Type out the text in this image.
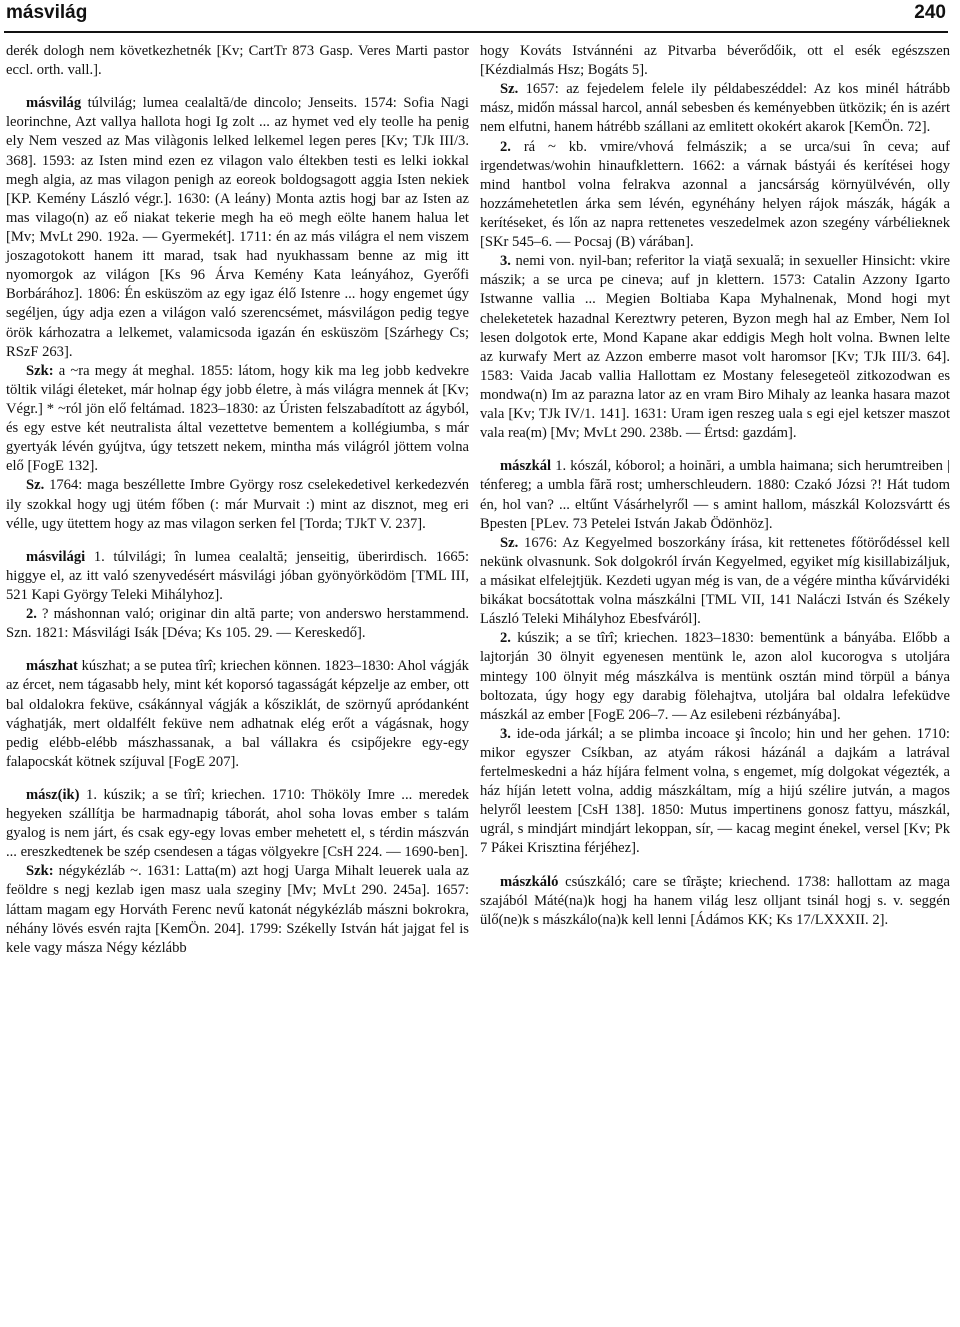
másvilág	240

derék dologh nem következhetnék [Kv; CartTr 873 Gasp. Veres Marti pastor eccl. orth. vall.].

másvilág túlvilág; lumea cealaltă/de dincolo; Jenseits. 1574: Sofia Nagi leorinchne, Azt vallya hallota hogi Ig zolt ... az hymet ved ely teolle ha penig ely Nem veszed az Mas vilàgonis lelked lelkemel legen peres [Kv; TJk III/3. 368]. 1593: az Isten mind ezen ez vilagon valo éltekben testi es lelki iokkal megh algia, az mas vilagon penigh az eoreok boldogsagott aggia Isten nekiek [KP. Kemény László végr.]. 1630: (A leány) Monta aztis hogj bar az Isten az mas vilago(n) az eő niakat tekerie megh ha eö megh eölte hanem halua let [Mv; MvLt 290. 192a. — Gyermekét]. 1711: én az más világra el nem viszem joszagotokott hanem itt marad, tsak had nyukhassam benne az mig itt nyomorgok az világon [Ks 96 Árva Kemény Kata leányához, Gyerőfi Borbárához]. 1806: Én esküszöm az egy igaz élő Istenre ... hogy engemet úgy segéljen, úgy adja ezen a világon való szerencsémet, másvilágon pedig tegye örök kárhozatra a lelkemet, valamicsoda igazán én esküszöm [Szárhegy Cs; RSzF 263].

Szk: a ~ra megy át meghal. 1855: látom, hogy kik ma leg jobb kedvekre töltik világi életeket, már holnap égy jobb életre, à más világra mennek át [Kv; Végr.] * ~ról jön elő feltámad. 1823–1830: az Úristen felszabadított az ágyból, és egy estve két neutralista által vezettetve bementem a kollégiumba, s már gyertyák lévén gyújtva, úgy tetszett nekem, mintha más világról jöttem volna elő [FogE 132].

Sz. 1764: maga beszéllette Imbre György rosz cselekedetivel kerkedezvén ily szokkal hogy ugj ütém főben (: már Murvait :) mint az disznot, meg eri vélle, ugy ütettem hogy az mas vilagon serken fel [Torda; TJkT V. 237].

másvilági 1. túlvilági; în lumea cealaltă; jenseitig, überirdisch. 1665: higgye el, az itt való szenyvedésért másvilági jóban gyönyörködöm [TML III, 521 Kapi György Teleki Mihályhoz].

2. ? máshonnan való; originar din altă parte; von anderswo herstammend. Szn. 1821: Másvilági Isák [Déva; Ks 105. 29. — Kereskedő].

mászhat kúszhat; a se putea tîrî; kriechen können. 1823–1830: Ahol vágják az ércet, nem tágasabb hely, mint két koporsó tagasságát képzelje az ember, ott bal oldalokra feküve, csákánnyal vágják a kősziklát, de szörnyű apródanként vághatják, mert oldalfélt feküve nem adhatnak elég erőt a vágásnak, hogy pedig elébb-elébb mászhassanak, a bal vállakra és csipőjekre egy-egy falapocskát kötnek szíjuval [FogE 207].

mász(ik) 1. kúszik; a se tîrî; kriechen. 1710: Thököly Imre ... meredek hegyeken szállítja be harmadnapig táborát, ahol soha lovas ember s talám gyalog is nem járt, és csak egy-egy lovas ember mehetett el, s térdin mászván ... ereszkedtenek be szép csendesen a tágas völgyekre [CsH 224. — 1690-ben].

Szk: négykézláb ~. 1631: Latta(m) azt hogj Uarga Mihalt leuerek uala az feöldre s negj kezlab igen masz uala szeginy [Mv; MvLt 290. 245a]. 1657: láttam magam egy Horváth Ferenc nevű katonát négykézláb mászni bokrokra, néhány lövés esvén rajta [KemÖn. 204]. 1799: Székelly István hát jajgat fel is kele vagy mászа Négy kézlább

hogy Kováts Istvánnéni az Pitvarba béverődőik, ott el esék egészszen [Kézdialmás Hsz; Bogáts 5].

Sz. 1657: az fejedelem felele ily példabeszéddel: Az kos minél hátrább mász, midőn mással harcol, annál sebesben és keményebben ütközik; én is azért nem elfutni, hanem hátrébb szállani az emlitett okokért akarok [KemÖn. 72].

2. rá ~ kb. vmire/vhová felmászik; a se urca/sui în ceva; auf irgendetwas/wohin hinaufklettern. 1662: a várnak bástyái és kerítései hogy mind hantbol volna felrakva azonnal a jancsárság környülvévén, olly hozzámehetetlen árka sem lévén, egynéhány helyen rájok mászák, hágák a kerítéseket, és lőn az napra rettenetes veszedelmek azon szegény várbélieknek [SKr 545–6. — Pocsaj (B) várában].

3. nemi von. nyil-ban; referitor la viaţă sexuală; in sexueller Hinsicht: vkire mászik; a se urca pe cineva; auf jn klettern. 1573: Catalin Azzony Igarto Istwanne vallia ... Megien Boltiaba Kapa Myhalnenak, Mond hogi myt cheleketetek hazadnal Kereztwry peteren, Byzon megh hal az Ember, Nem Iol lesen dolgotok erte, Mond Kapane akar eddigis Megh holt volna. Bwnen lelte az kurwafy Mert az Azzon emberre masot volt haromsor [Kv; TJk III/3. 64]. 1583: Vaida Jacab vallia Hallottam ez Mostany felesegeteöl zitkozodwan es mondwa(n) Im az paraznа lator az en vram Biro Mihaly az leanka hasara mazot vala [Kv; TJk IV/1. 141]. 1631: Uram igen reszeg uala s egi ejel ketszer maszot vala rea(m) [Mv; MvLt 290. 238b. — Értsd: gazdám].

mászkál 1. kószál, kóborol; a hoinări, a umbla haimana; sich herumtreiben | ténfereg; a umbla fără rost; umherschleudern. 1880: Czakó Józsi ?! Hát tudom én, hol van? ... eltűnt Vásárhelyről — s amint hallom, mászkál Kolozsvártt és Bpesten [PLev. 73 Petelei István Jakab Ödönhöz].

Sz. 1676: Az Kegyelmed boszorkány írása, kit rettenetes főtörődéssel kell nekünk olvasnunk. Sok dolgokról írván Kegyelmed, egyiket míg kisillabizáljuk, a másikat elfelejtjük. Kezdeti ugyan még is van, de a végére mintha kűvárvidéki bikákat bocsátottak volna mászkálni [TML VII, 141 Naláczi István és Székely László Teleki Mihályhoz Ebesfváról].

2. kúszik; a se tîrî; kriechen. 1823–1830: bementünk a bányába. Előbb a lajtorján 30 ölnyit egyenesen mentünk le, azon alol kucorogva s utoljára mintegy 100 ölnyit még mászkálva is mentünk osztán mind törpül a bánya boltozata, úgy hogy egy darabig fölehajtva, utoljára bal oldalra lefeküdve mászkál az ember [FogE 206–7. — Az esilebeni rézbányába].

3. ide-oda járkál; a se plimba incoace şi încolo; hin und her gehen. 1710: mikor egyszer Csíkban, az atyám rákosi házánál a dajkám a latrával fertelmeskedni a ház híjára felment volna, s engemet, míg dolgokat végezték, a ház híján letett volna, addig mászkáltam, míg a hijú szélire jutván, a magos helyről leestem [CsH 138]. 1850: Mutus impertinens gonosz fattyu, mászkál, ugrál, s mindjárt mindjárt lekoppan, sír, — kacag megint énekel, versel [Kv; Pk 7 Pákei Krisztina férjéhez].

mászkáló csúszkáló; care se tîrăşte; kriechend. 1738: hallottam az maga szajából Máté(na)k hogj ha hanem világ lesz olljant tsinál hogj s. v. seggén ülő(ne)k s mászkálo(na)k kell lenni [Ádámos KK; Ks 17/LXXXII. 2].
